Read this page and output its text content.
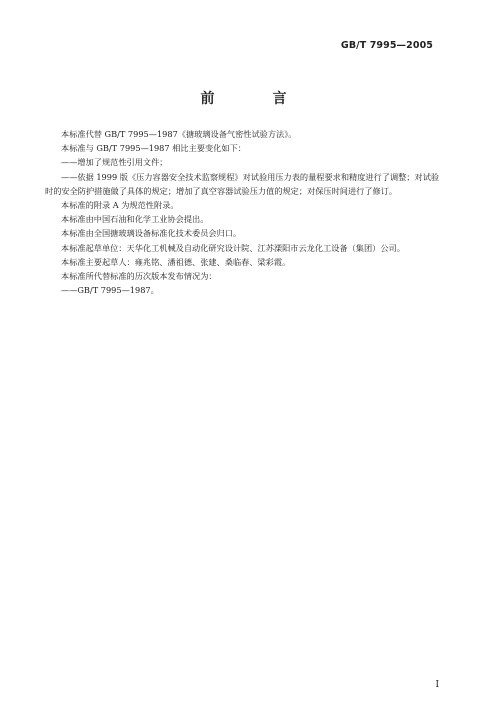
GB/T 7995—2005
前　言

本标准代替 GB/T 7995—1987《搪玻璃设备气密性试验方法》。

本标准与 GB/T 7995—1987 相比主要变化如下：

——增加了规范性引用文件；

——依据 1999 版《压力容器安全技术监察规程》对试验用压力表的量程要求和精度进行了调整；对试验时的安全防护措施做了具体的规定；增加了真空容器试验压力值的规定；对保压时间进行了修订。

本标准的附录 A 为规范性附录。

本标准由中国石油和化学工业协会提出。

本标准由全国搪玻璃设备标准化技术委员会归口。

本标准起草单位：天华化工机械及自动化研究设计院、江苏溧阳市云龙化工设备（集团）公司。

本标准主要起草人：雍兆铭、潘祖德、张建、桑临春、梁彩霞。

本标准所代替标准的历次版本发布情况为：

——GB/T 7995—1987。

I
